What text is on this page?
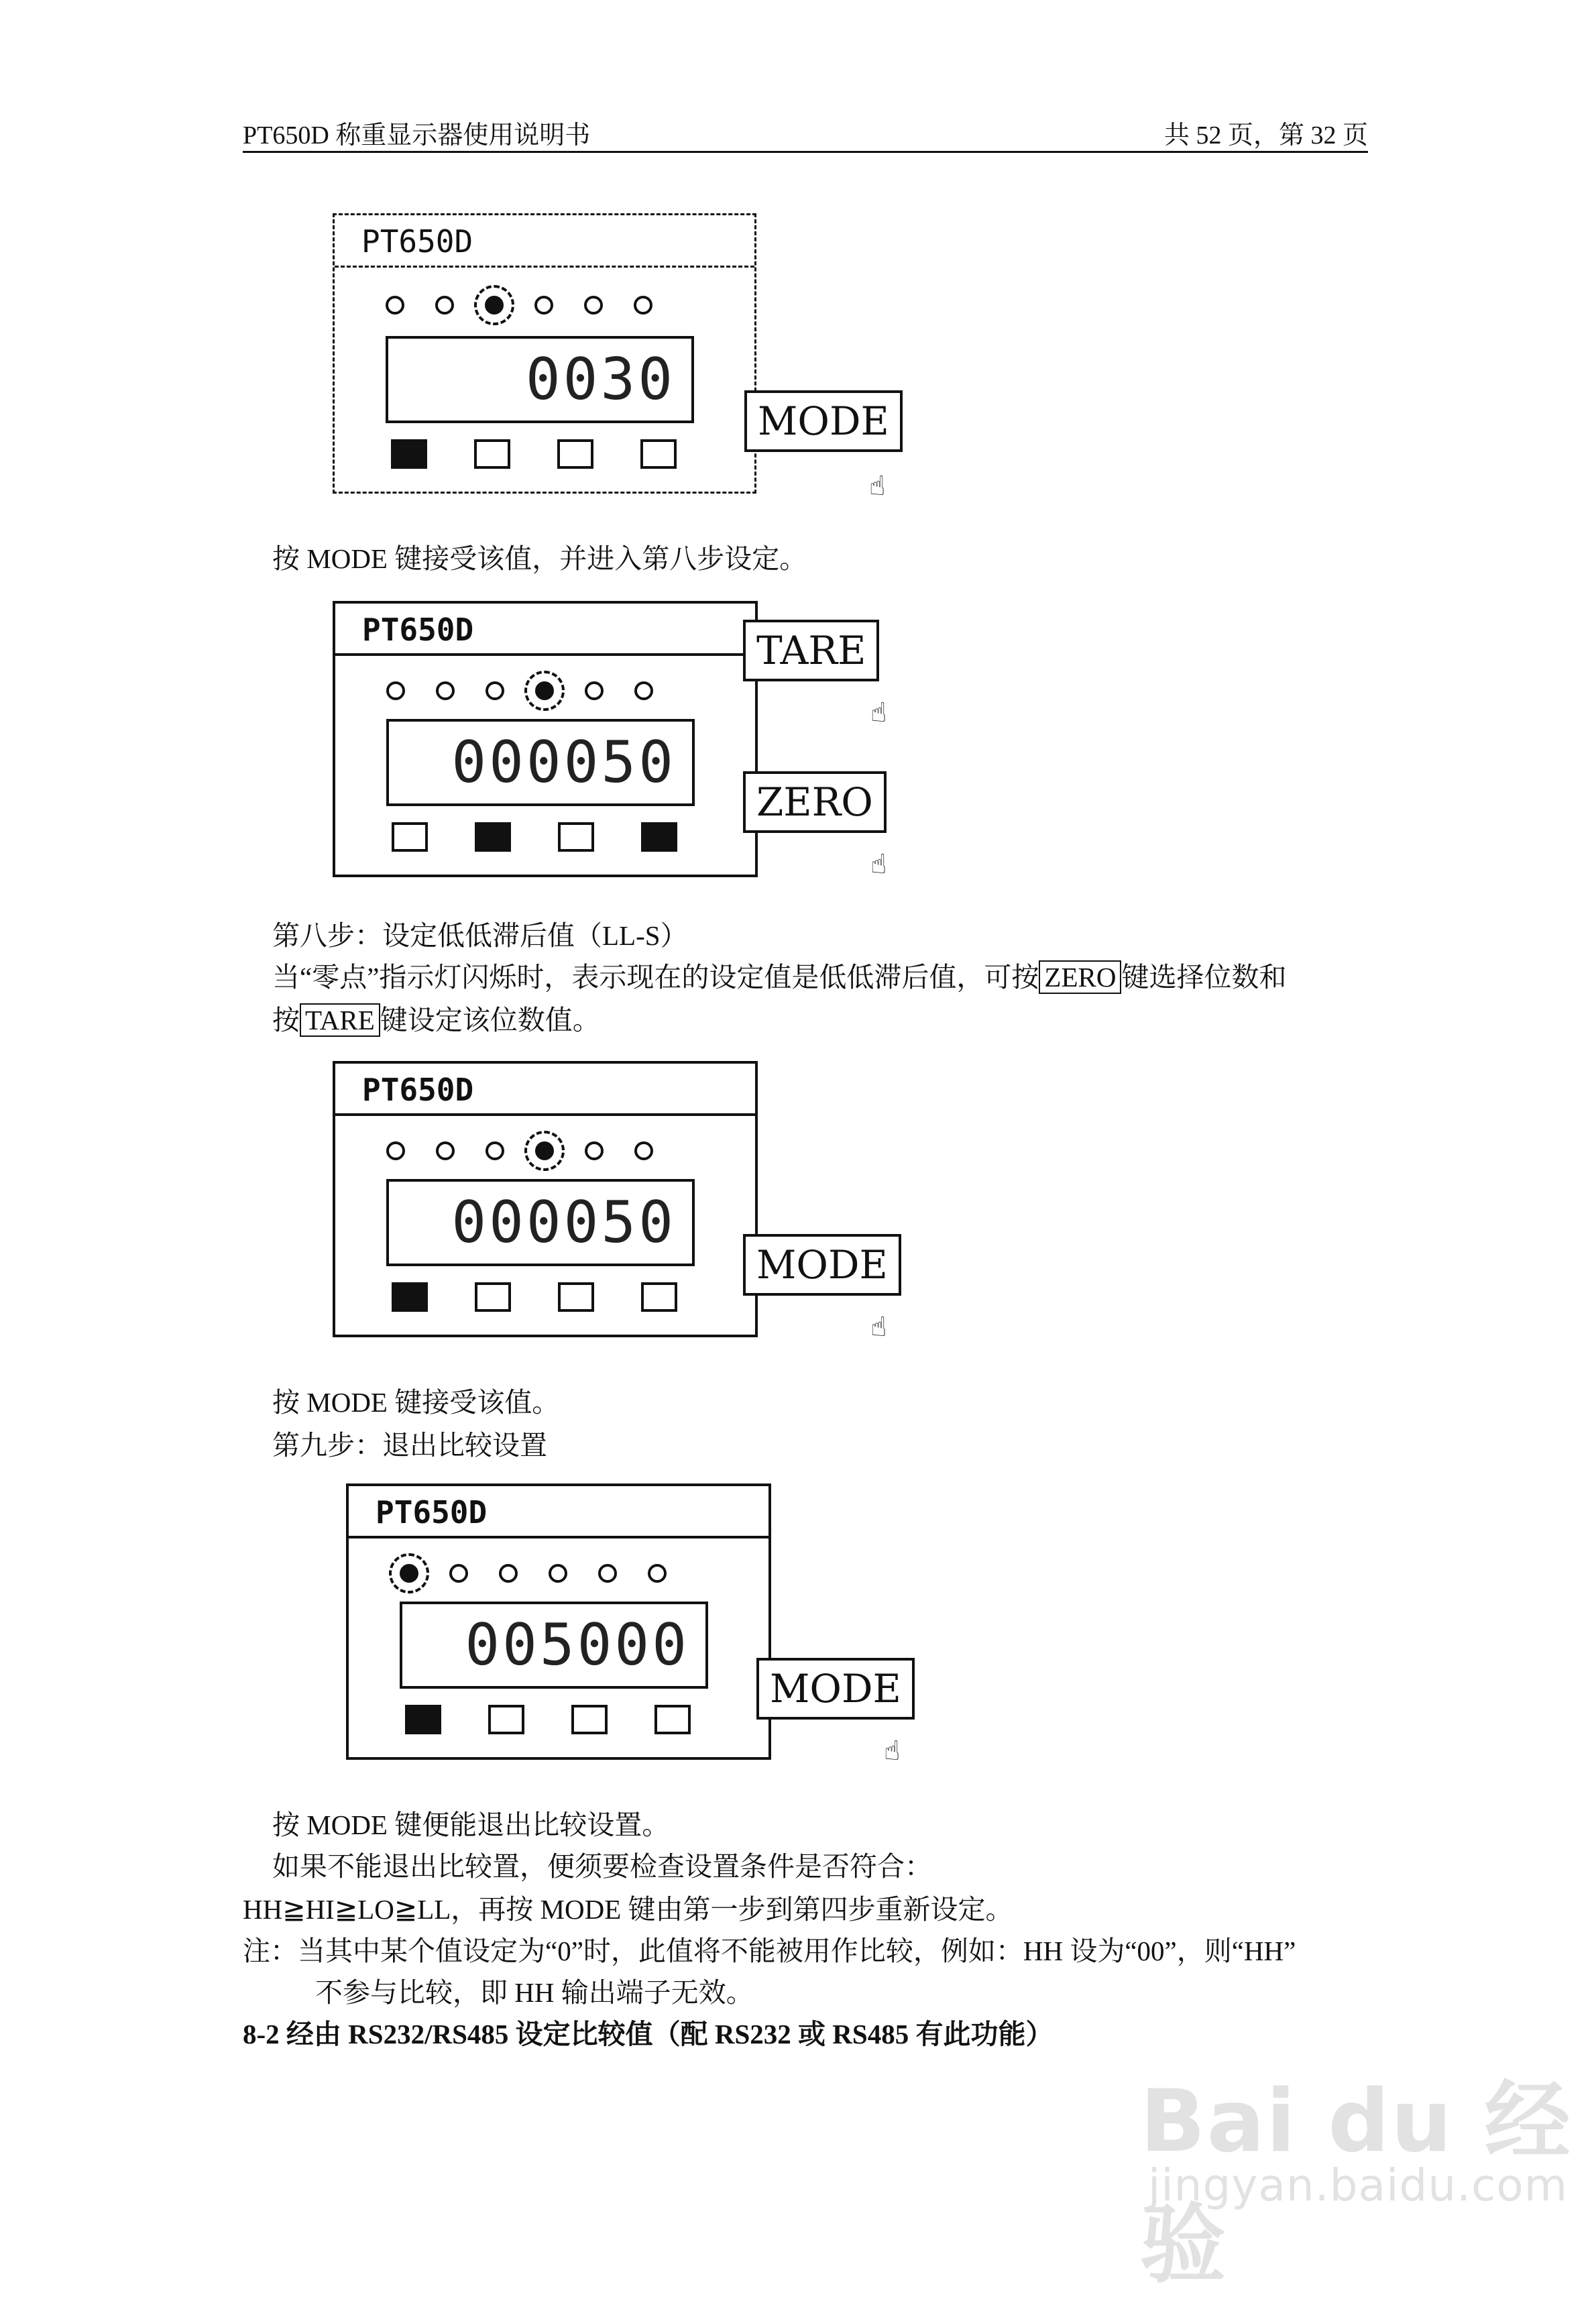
PT650D 称重显示器使用说明书	共 52 页，第 32 页
PT650D
0030
MODE
☝
按 MODE 键接受该值，并进入第八步设定。
PT650D
000050
TARE
☝
ZERO
☝
第八步：设定低低滞后值（LL-S）
当“零点”指示灯闪烁时，表示现在的设定值是低低滞后值，可按 ZERO 键选择位数和
按 TARE 键设定该位数值。
PT650D
000050
MODE
☝
按 MODE 键接受该值。
第九步：退出比较设置
PT650D
005000
MODE
☝
按 MODE 键便能退出比较设置。
如果不能退出比较置，便须要检查设置条件是否符合：
HH≧HI≧LO≧LL，再按 MODE 键由第一步到第四步重新设定。
注：当其中某个值设定为“0”时，此值将不能被用作比较，例如：HH 设为“00”，则“HH”
不参与比较，即 HH 输出端子无效。
8-2 经由 RS232/RS485 设定比较值（配 RS232 或 RS485 有此功能）
Bai du 经验
jingyan.baidu.com
